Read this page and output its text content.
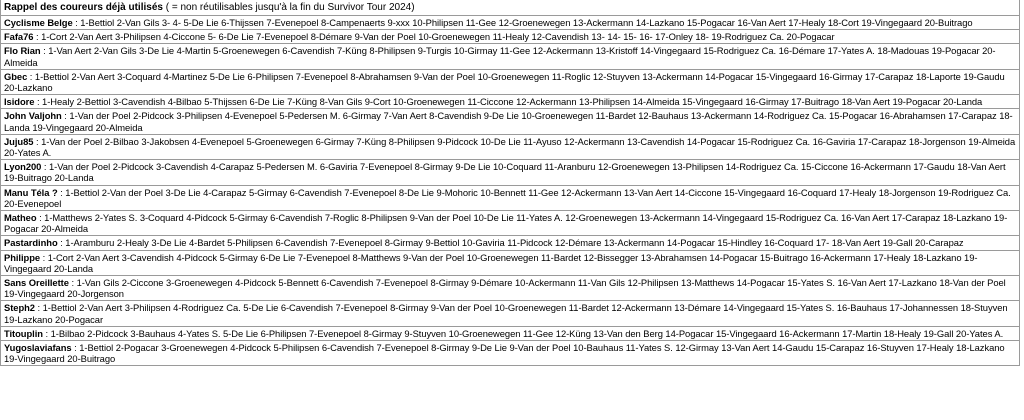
Rappel des coureurs déjà utilisés ( = non réutilisables jusqu'à la fin du Survivor Tour 2024)
Cyclisme Belge : 1-Bettiol 2-Van Gils 3- 4- 5-De Lie 6-Thijssen 7-Evenepoel 8-Campenaerts 9-xxx 10-Philipsen 11-Gee 12-Groenewegen 13-Ackermann 14-Lazkano 15-Pogacar 16-Van Aert 17-Healy 18-Cort 19-Vingegaard 20-Buitrago
Fafa76 : 1-Cort 2-Van Aert 3-Philipsen 4-Ciccone 5- 6-De Lie 7-Evenepoel 8-Démare 9-Van der Poel 10-Groenewegen 11-Healy 12-Cavendish 13- 14- 15- 16- 17-Onley 18- 19-Rodriguez Ca. 20-Pogacar
Flo Rian : 1-Van Aert 2-Van Gils 3-De Lie 4-Martin 5-Groenewegen 6-Cavendish 7-Küng 8-Philipsen 9-Turgis 10-Girmay 11-Gee 12-Ackermann 13-Kristoff 14-Vingegaard 15-Rodriguez Ca. 16-Démare 17-Yates A. 18-Madouas 19-Pogacar 20-Almeida
Gbec : 1-Bettiol 2-Van Aert 3-Coquard 4-Martinez 5-De Lie 6-Philipsen 7-Evenepoel 8-Abrahamsen 9-Van der Poel 10-Groenewegen 11-Roglic 12-Stuyven 13-Ackermann 14-Pogacar 15-Vingegaard 16-Girmay 17-Carapaz 18-Laporte 19-Gaudu 20-Lazkano
Isidore : 1-Healy 2-Bettiol 3-Cavendish 4-Bilbao 5-Thijssen 6-De Lie 7-Küng 8-Van Gils 9-Cort 10-Groenewegen 11-Ciccone 12-Ackermann 13-Philipsen 14-Almeida 15-Vingegaard 16-Girmay 17-Buitrago 18-Van Aert 19-Pogacar 20-Landa
John Valjohn : 1-Van der Poel 2-Pidcock 3-Philipsen 4-Evenepoel 5-Pedersen M. 6-Girmay 7-Van Aert 8-Cavendish 9-De Lie 10-Groenewegen 11-Bardet 12-Bauhaus 13-Ackermann 14-Rodriguez Ca. 15-Pogacar 16-Abrahamsen 17-Carapaz 18-Landa 19-Vingegaard 20-Almeida
Juju85 : 1-Van der Poel 2-Bilbao 3-Jakobsen 4-Evenepoel 5-Groenewegen 6-Girmay 7-Küng 8-Philipsen 9-Pidcock 10-De Lie 11-Ayuso 12-Ackermann 13-Cavendish 14-Pogacar 15-Rodriguez Ca. 16-Gaviria 17-Carapaz 18-Jorgenson 19-Almeida 20-Yates A.
Lyon200 : 1-Van der Poel 2-Pidcock 3-Cavendish 4-Carapaz 5-Pedersen M. 6-Gaviria 7-Evenepoel 8-Girmay 9-De Lie 10-Coquard 11-Aranburu 12-Groenewegen 13-Philipsen 14-Rodriguez Ca. 15-Ciccone 16-Ackermann 17-Gaudu 18-Van Aert 19-Buitrago 20-Landa
Manu Téla ? : 1-Bettiol 2-Van der Poel 3-De Lie 4-Carapaz 5-Girmay 6-Cavendish 7-Evenepoel 8-De Lie 9-Mohoric 10-Bennett 11-Gee 12-Ackermann 13-Van Aert 14-Ciccone 15-Vingegaard 16-Coquard 17-Healy 18-Jorgenson 19-Rodriguez Ca. 20-Evenepoel
Matheo : 1-Matthews 2-Yates S. 3-Coquard 4-Pidcock 5-Girmay 6-Cavendish 7-Roglic 8-Philipsen 9-Van der Poel 10-De Lie 11-Yates A. 12-Groenewegen 13-Ackermann 14-Vingegaard 15-Rodriguez Ca. 16-Van Aert 17-Carapaz 18-Lazkano 19-Pogacar 20-Almeida
Pastardinho : 1-Aramburu 2-Healy 3-De Lie 4-Bardet 5-Philipsen 6-Cavendish 7-Evenepoel 8-Girmay 9-Bettiol 10-Gaviria 11-Pidcock 12-Démare 13-Ackermann 14-Pogacar 15-Hindley 16-Coquard 17- 18-Van Aert 19-Gall 20-Carapaz
Philippe : 1-Cort 2-Van Aert 3-Cavendish 4-Pidcock 5-Girmay 6-De Lie 7-Evenepoel 8-Matthews 9-Van der Poel 10-Groenewegen 11-Bardet 12-Bissegger 13-Abrahamsen 14-Pogacar 15-Buitrago 16-Ackermann 17-Healy 18-Lazkano 19-Vingegaard 20-Landa
Sans Oreillette : 1-Van Gils 2-Ciccone 3-Groenewegen 4-Pidcock 5-Bennett 6-Cavendish 7-Evenepoel 8-Girmay 9-Démare 10-Ackermann 11-Van Gils 12-Philipsen 13-Matthews 14-Pogacar 15-Yates S. 16-Van Aert 17-Lazkano 18-Van der Poel 19-Vingegaard 20-Jorgenson
Steph2 : 1-Bettiol 2-Van Aert 3-Philipsen 4-Rodriguez Ca. 5-De Lie 6-Cavendish 7-Evenepoel 8-Girmay 9-Van der Poel 10-Groenewegen 11-Bardet 12-Ackermann 13-Démare 14-Vingegaard 15-Yates S. 16-Bauhaus 17-Johannessen 18-Stuyven 19-Lazkano 20-Pogacar
Titouplin : 1-Bilbao 2-Pidcock 3-Bauhaus 4-Yates S. 5-De Lie 6-Philipsen 7-Evenepoel 8-Girmay 9-Stuyven 10-Groenewegen 11-Gee 12-Küng 13-Van den Berg 14-Pogacar 15-Vingegaard 16-Ackermann 17-Martin 18-Healy 19-Gall 20-Yates A.
Yugoslaviafans : 1-Bettiol 2-Pogacar 3-Groenewegen 4-Pidcock 5-Philipsen 6-Cavendish 7-Evenepoel 8-Girmay 9-De Lie 9-Van der Poel 10-Bauhaus 11-Yates S. 12-Girmay 13-Van Aert 14-Gaudu 15-Carapaz 16-Stuyven 17-Healy 18-Lazkano 19-Vingegaard 20-Buitrago
